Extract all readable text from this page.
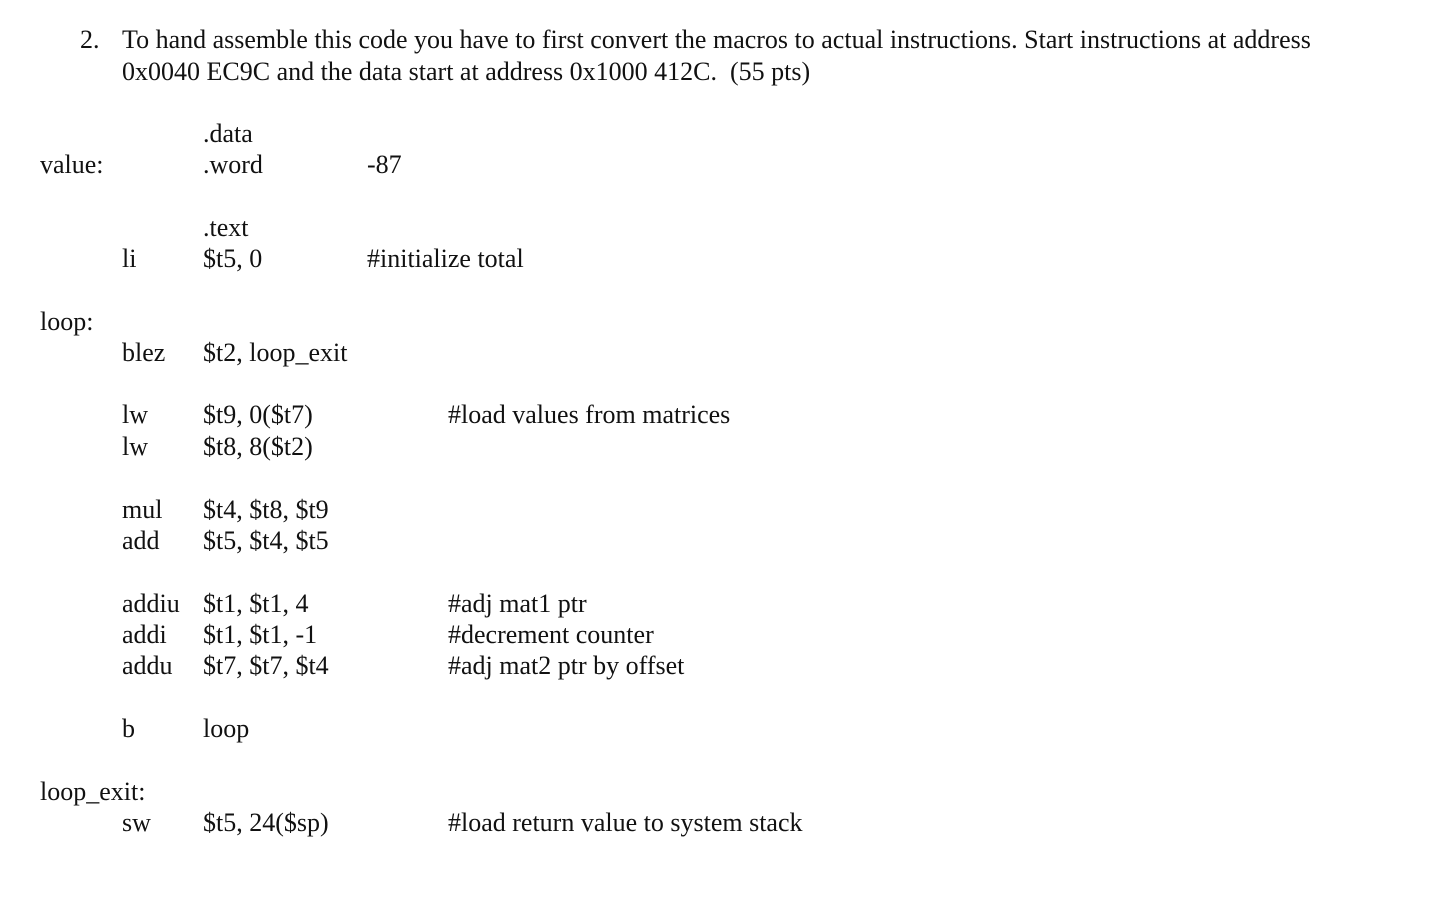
2. To hand assemble this code you have to first convert the macros to actual instructions. Start instructions at address
0x0040 EC9C and the data start at address 0x1000 412C.  (55 pts)
.data
value:	.word	-87
.text
li	$t5, 0	#initialize total
loop:
blez $t2, loop_exit
lw $t9, 0($t7)	#load values from matrices
lw $t8, 8($t2)
mul $t4, $t8, $t9
add $t5, $t4, $t5
addiu $t1, $t1, 4	#adj mat1 ptr
addi $t1, $t1, -1	#decrement counter
addu $t7, $t7, $t4	#adj mat2 ptr by offset
b	loop
loop_exit:
sw $t5, 24($sp)	#load return value to system stack
